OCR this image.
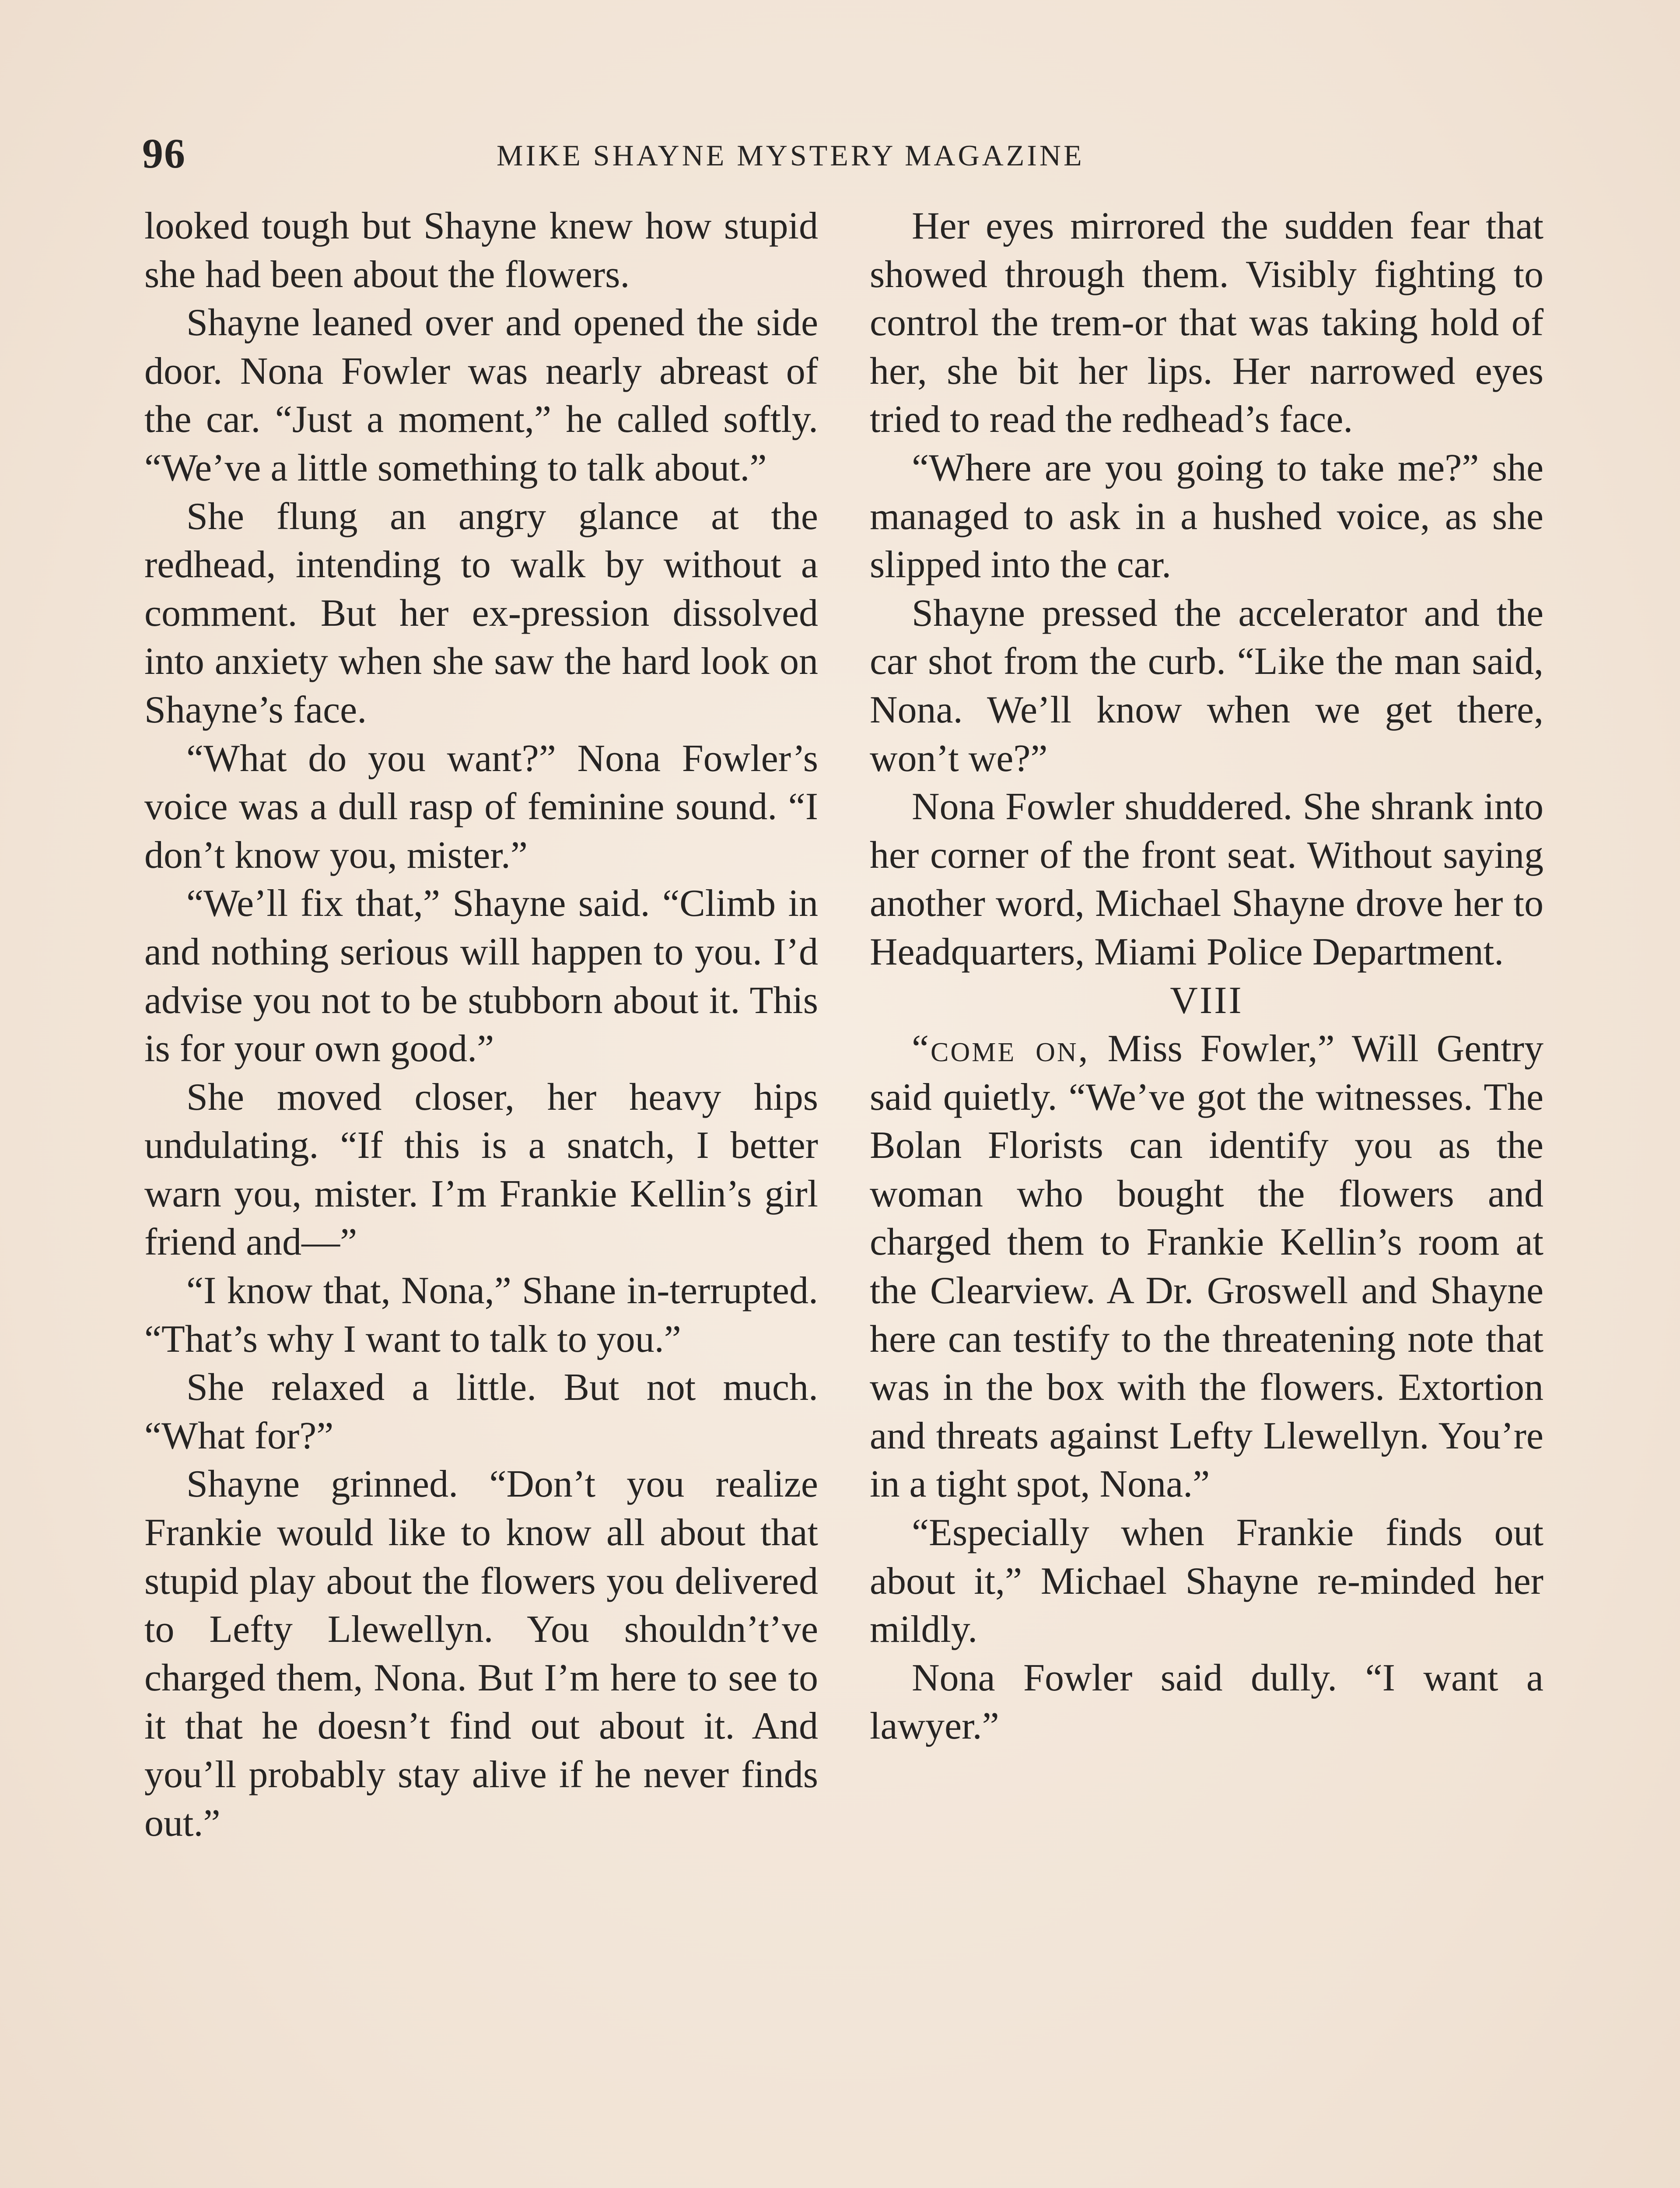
96	MIKE SHAYNE MYSTERY MAGAZINE

looked tough but Shayne knew how stupid she had been about the flowers.

Shayne leaned over and opened the side door. Nona Fowler was nearly abreast of the car. “Just a moment,” he called softly. “We’ve a little something to talk about.”

She flung an angry glance at the redhead, intending to walk by without a comment. But her ex-pression dissolved into anxiety when she saw the hard look on Shayne’s face.

“What do you want?” Nona Fowler’s voice was a dull rasp of feminine sound. “I don’t know you, mister.”

“We’ll fix that,” Shayne said. “Climb in and nothing serious will happen to you. I’d advise you not to be stubborn about it. This is for your own good.”

She moved closer, her heavy hips undulating. “If this is a snatch, I better warn you, mister. I’m Frankie Kellin’s girl friend and—”

“I know that, Nona,” Shane in-terrupted. “That’s why I want to talk to you.”

She relaxed a little. But not much. “What for?”

Shayne grinned. “Don’t you realize Frankie would like to know all about that stupid play about the flowers you delivered to Lefty Llewellyn. You shouldn’t’ve charged them, Nona. But I’m here to see to it that he doesn’t find out about it. And you’ll probably stay alive if he never finds out.”

Her eyes mirrored the sudden fear that showed through them. Visibly fighting to control the trem-or that was taking hold of her, she bit her lips. Her narrowed eyes tried to read the redhead’s face.

“Where are you going to take me?” she managed to ask in a hushed voice, as she slipped into the car.

Shayne pressed the accelerator and the car shot from the curb. “Like the man said, Nona. We’ll know when we get there, won’t we?”

Nona Fowler shuddered. She shrank into her corner of the front seat. Without saying another word, Michael Shayne drove her to Headquarters, Miami Police Department.

VIII

“come on, Miss Fowler,” Will Gentry said quietly. “We’ve got the witnesses. The Bolan Florists can identify you as the woman who bought the flowers and charged them to Frankie Kellin’s room at the Clearview. A Dr. Groswell and Shayne here can testify to the threatening note that was in the box with the flowers. Extortion and threats against Lefty Llewellyn. You’re in a tight spot, Nona.”

“Especially when Frankie finds out about it,” Michael Shayne re-minded her mildly.

Nona Fowler said dully. “I want a lawyer.”
